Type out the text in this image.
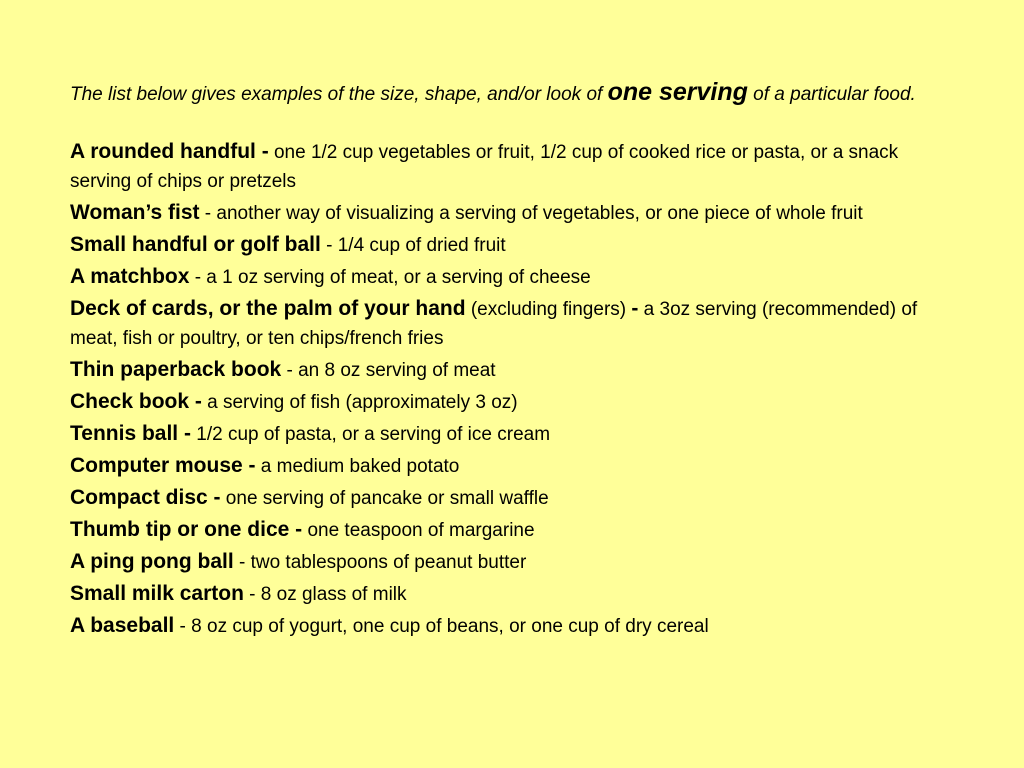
The list below gives examples of the size, shape, and/or look of one serving of a particular food.

A rounded handful - one 1/2 cup vegetables or fruit, 1/2 cup of cooked rice or pasta, or a snack serving of chips or pretzels
Woman’s fist - another way of visualizing a serving of vegetables, or one piece of whole fruit
Small handful or golf ball - 1/4 cup of dried fruit
A matchbox - a 1 oz serving of meat, or a serving of cheese
Deck of cards, or the palm of your hand (excluding fingers) - a 3oz serving (recommended) of meat, fish or poultry, or ten chips/french fries
Thin paperback book - an 8 oz serving of meat
Check book - a serving of fish (approximately 3 oz)
Tennis ball - 1/2 cup of pasta, or a serving of ice cream
Computer mouse - a medium baked potato
Compact disc - one serving of pancake or small waffle
Thumb tip or one dice - one teaspoon of margarine
A ping pong ball - two tablespoons of peanut butter
Small milk carton - 8 oz glass of milk
A baseball - 8 oz cup of yogurt, one cup of beans, or one cup of dry cereal
